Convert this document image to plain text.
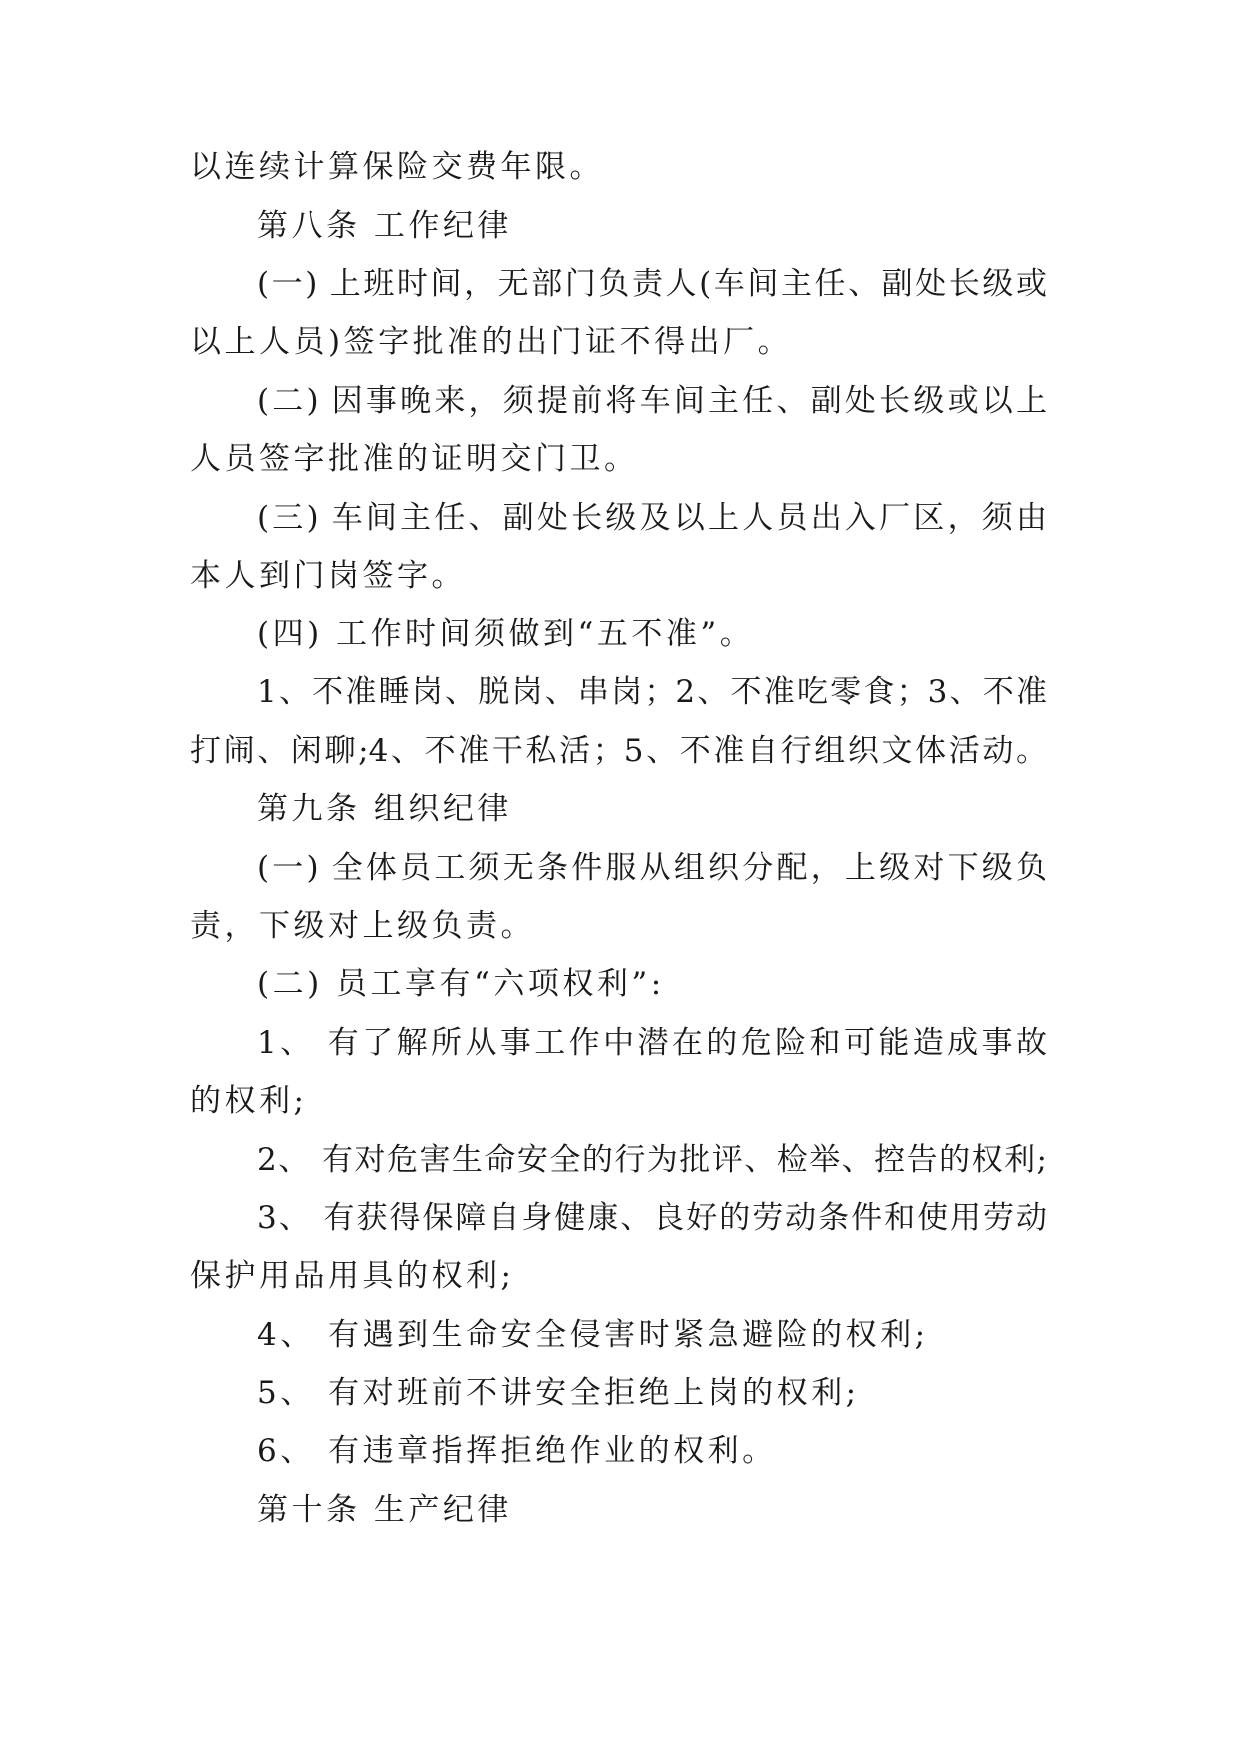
以连续计算保险交费年限。
第八条 工作纪律
(一) 上班时间，无部门负责人(车间主任、副处长级或
以上人员)签字批准的出门证不得出厂。
(二) 因事晚来，须提前将车间主任、副处长级或以上
人员签字批准的证明交门卫。
(三) 车间主任、副处长级及以上人员出入厂区，须由
本人到门岗签字。
(四) 工作时间须做到“五不准”。
1、不准睡岗、脱岗、串岗；2、不准吃零食；3、不准
打闹、闲聊;4、不准干私活；5、不准自行组织文体活动。
第九条 组织纪律
(一) 全体员工须无条件服从组织分配，上级对下级负
责，下级对上级负责。
(二) 员工享有“六项权利”:
1、 有了解所从事工作中潜在的危险和可能造成事故
的权利;
2、 有对危害生命安全的行为批评、检举、控告的权利;
3、 有获得保障自身健康、良好的劳动条件和使用劳动
保护用品用具的权利;
4、 有遇到生命安全侵害时紧急避险的权利;
5、 有对班前不讲安全拒绝上岗的权利;
6、 有违章指挥拒绝作业的权利。
第十条 生产纪律
